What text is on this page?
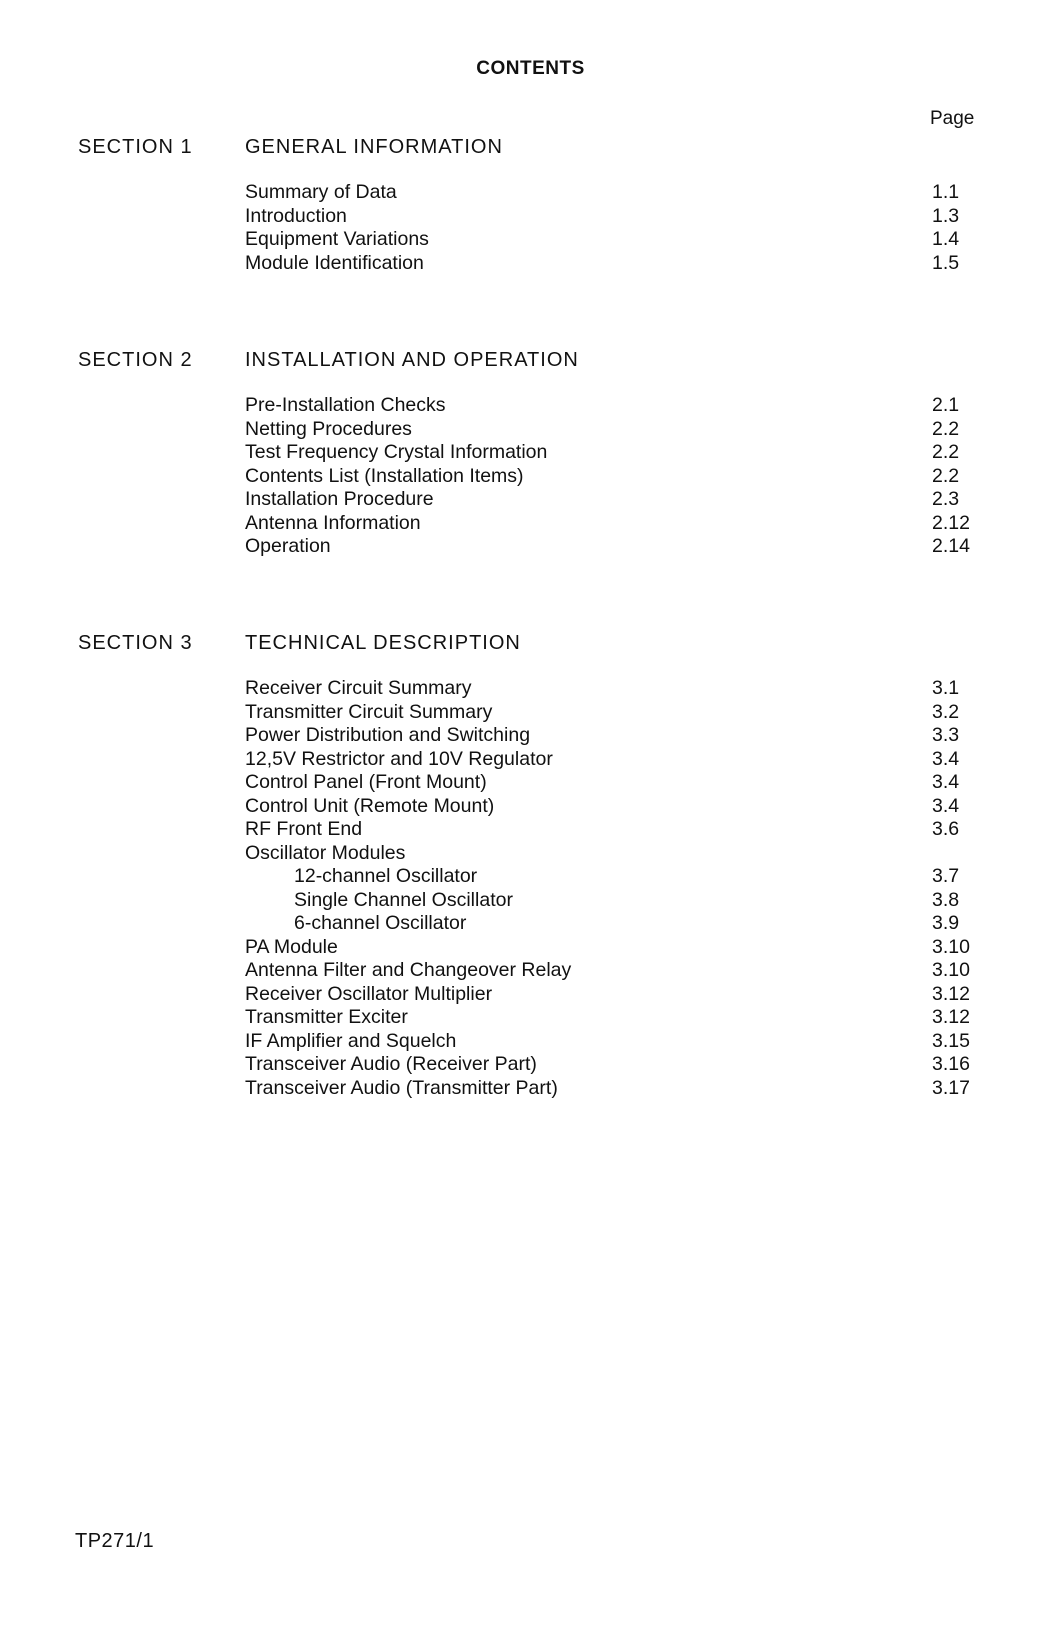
CONTENTS
Page
SECTION 1	GENERAL INFORMATION
Summary of Data	1.1
Introduction	1.3
Equipment Variations	1.4
Module Identification	1.5
SECTION 2	INSTALLATION AND OPERATION
Pre-Installation Checks	2.1
Netting Procedures	2.2
Test Frequency Crystal Information	2.2
Contents List (Installation Items)	2.2
Installation Procedure	2.3
Antenna Information	2.12
Operation	2.14
SECTION 3	TECHNICAL DESCRIPTION
Receiver Circuit Summary	3.1
Transmitter Circuit Summary	3.2
Power Distribution and Switching	3.3
12,5V Restrictor and 10V Regulator	3.4
Control Panel (Front Mount)	3.4
Control Unit (Remote Mount)	3.4
RF Front End	3.6
Oscillator Modules
12-channel Oscillator	3.7
Single Channel Oscillator	3.8
6-channel Oscillator	3.9
PA Module	3.10
Antenna Filter and Changeover Relay	3.10
Receiver Oscillator Multiplier	3.12
Transmitter Exciter	3.12
IF Amplifier and Squelch	3.15
Transceiver Audio (Receiver Part)	3.16
Transceiver Audio (Transmitter Part)	3.17
TP271/1
